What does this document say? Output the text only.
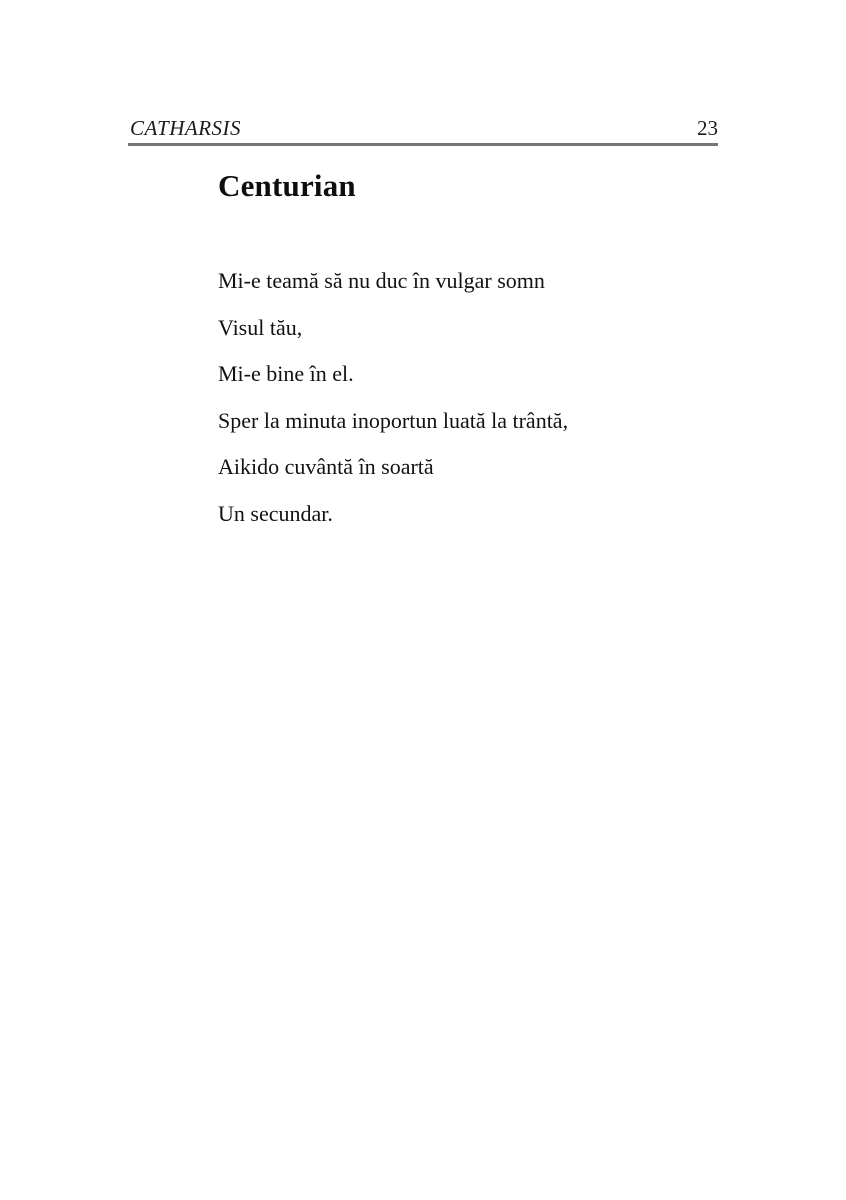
CATHARSIS	23
Centurian
Mi-e teamă să nu duc în vulgar somn
Visul tău,
Mi-e bine în el.
Sper la minuta inoportun luată la trântă,
Aikido cuvântă în soartă
Un secundar.
